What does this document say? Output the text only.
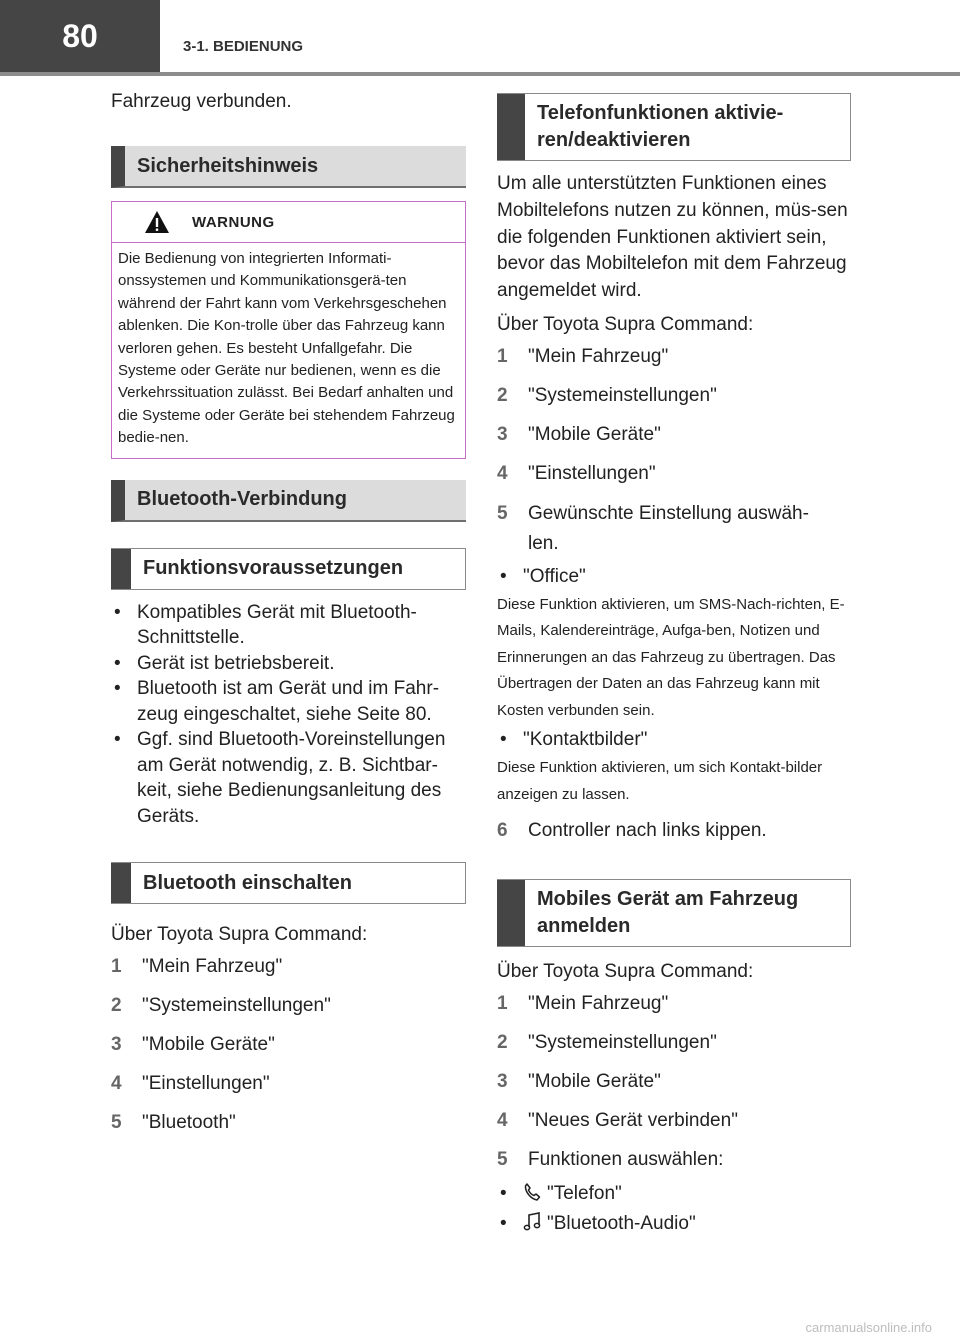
80	3-1. BEDIENUNG

Fahrzeug verbunden.

Sicherheitshinweis
WARNUNG
Die Bedienung von integrierten Informati-onssystemen und Kommunikationsgerä-ten während der Fahrt kann vom Verkehrsgeschehen ablenken. Die Kon-trolle über das Fahrzeug kann verloren gehen. Es besteht Unfallgefahr. Die Systeme oder Geräte nur bedienen, wenn es die Verkehrssituation zulässt. Bei Bedarf anhalten und die Systeme oder Geräte bei stehendem Fahrzeug bedie-nen.
Bluetooth-Verbindung
Funktionsvoraussetzungen
• Kompatibles Gerät mit Bluetooth-Schnittstelle.
• Gerät ist betriebsbereit.
• Bluetooth ist am Gerät und im Fahr-zeug eingeschaltet, siehe Seite 80.
• Ggf. sind Bluetooth-Voreinstellungen am Gerät notwendig, z. B. Sichtbar-keit, siehe Bedienungsanleitung des Geräts.
Bluetooth einschalten

Über Toyota Supra Command:

1	"Mein Fahrzeug"
2	"Systemeinstellungen"
3	"Mobile Geräte"
4	"Einstellungen"
5	"Bluetooth"
Telefonfunktionen aktivie-ren/deaktivieren

Um alle unterstützten Funktionen eines Mobiltelefons nutzen zu können, müs-sen die folgenden Funktionen aktiviert sein, bevor das Mobiltelefon mit dem Fahrzeug angemeldet wird.

Über Toyota Supra Command:

1	"Mein Fahrzeug"
2	"Systemeinstellungen"
3	"Mobile Geräte"
4	"Einstellungen"
5	Gewünschte Einstellung auswäh-len.
• "Office"

Diese Funktion aktivieren, um SMS-Nach-richten, E-Mails, Kalendereinträge, Aufga-ben, Notizen und Erinnerungen an das Fahrzeug zu übertragen. Das Übertragen der Daten an das Fahrzeug kann mit Kosten verbunden sein.

• "Kontaktbilder"

Diese Funktion aktivieren, um sich Kontakt-bilder anzeigen zu lassen.

6	Controller nach links kippen.
Mobiles Gerät am Fahrzeug anmelden

Über Toyota Supra Command:

1	"Mein Fahrzeug"
2	"Systemeinstellungen"
3	"Mobile Geräte"
4	"Neues Gerät verbinden"
5	Funktionen auswählen:
• "Telefon"
• "Bluetooth-Audio"
carmanualsonline.info
